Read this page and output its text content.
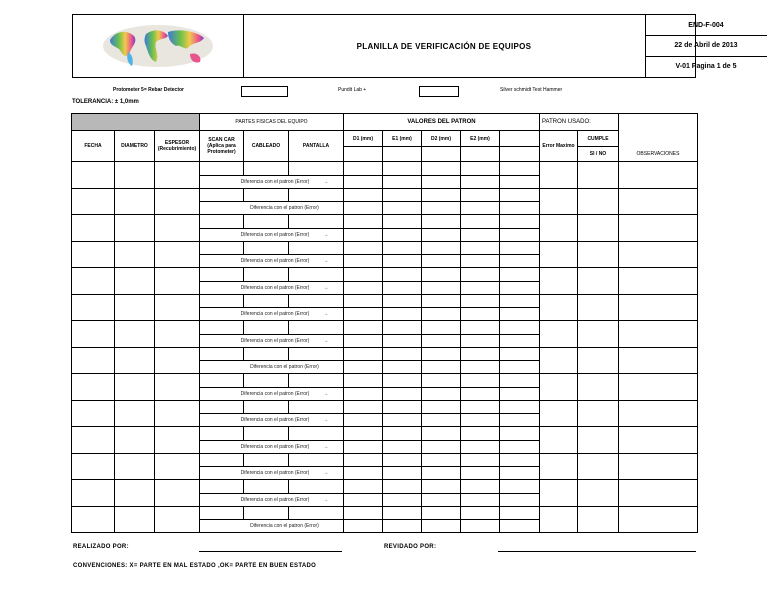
PLANILLA DE VERIFICACIÓN DE EQUIPOS
END-F-004
22 de Abril de 2013
V-01 Pagina 1 de 5
Protometer 5= Rebar Detector	Pundit Lab +	Silver schmidt Test Hammer
TOLERANCIA: ± 1,0mm
			PARTES FISICAS DEL EQUIPO			VALORES DEL PATRON					PATRON USADO:		
FECHA	DIAMETRO	ESPESOR (Recubrimiento)	SCAN CAR (Aplica para Protometer)	CABLEADO	PANTALLA	D1 (mm)	E1 (mm)	D2 (mm)	E2 (mm)		Error Maximo	CUMPLE	
												SI / NO	OBSERVACIONES

			Diferencia con el patron (Error) →										

			Diferencia con el patron (Error)										

			Diferencia con el patron (Error) →										

			Diferencia con el patron (Error) →										

			Diferencia con el patron (Error) →										

			Diferencia con el patron (Error) →										

			Diferencia con el patron (Error) →										

			Diferencia con el patron (Error)										

			Diferencia con el patron (Error) →										

			Diferencia con el patron (Error) →										

			Diferencia con el patron (Error) →										

			Diferencia con el patron (Error) →										

			Diferencia con el patron (Error) →										

			Diferencia con el patron (Error)										
REALIZADO POR:	REVIDADO POR:
CONVENCIONES: X= PARTE EN MAL ESTADO ,OK= PARTE EN BUEN ESTADO
